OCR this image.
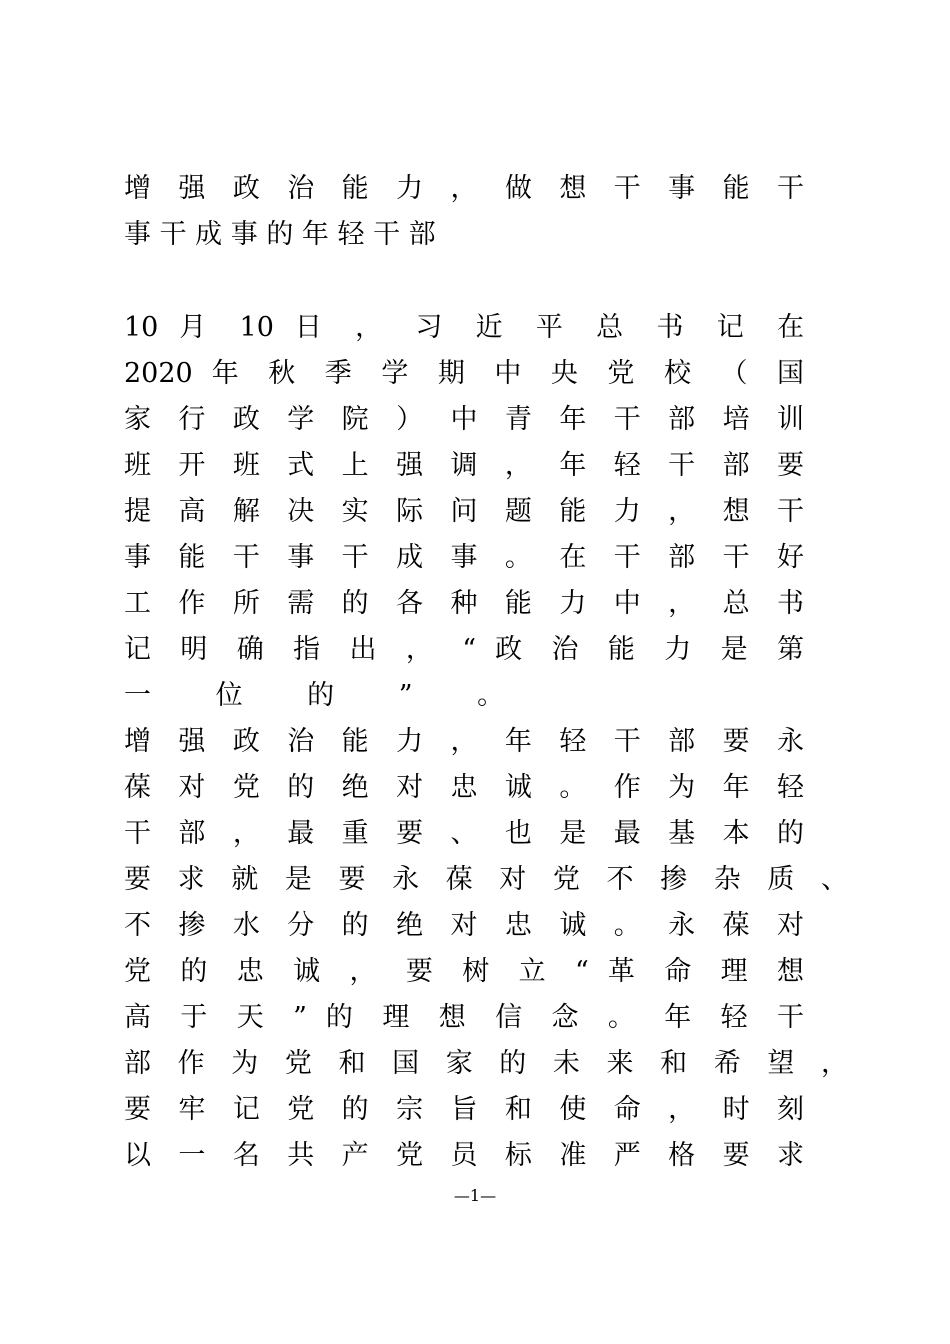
增 强 政 治 能 力 ， 做 想 干 事 能 干
事 干 成 事 的 年 轻 干 部
10 月 10 日 ， 习 近 平 总 书 记 在
2020 年 秋 季 学 期 中 央 党 校 （ 国
家 行 政 学 院 ） 中 青 年 干 部 培 训
班 开 班 式 上 强 调 ， 年 轻 干 部 要
提 高 解 决 实 际 问 题 能 力 ， 想 干
事 能 干 事 干 成 事 。 在 干 部 干 好
工 作 所 需 的 各 种 能 力 中 ， 总 书
记 明 确 指 出 ， “ 政 治 能 力 是 第
一 位 的 ” 。
增 强 政 治 能 力 ， 年 轻 干 部 要 永
葆 对 党 的 绝 对 忠 诚 。 作 为 年 轻
干 部 ， 最 重 要 、 也 是 最 基 本 的
要 求 就 是 要 永 葆 对 党 不 掺 杂 质 、
不 掺 水 分 的 绝 对 忠 诚 。 永 葆 对
党 的 忠 诚 ， 要 树 立 “ 革 命 理 想
高 于 天 ” 的 理 想 信 念 。 年 轻 干
部 作 为 党 和 国 家 的 未 来 和 希 望 ，
要 牢 记 党 的 宗 旨 和 使 命 ， 时 刻
以 一 名 共 产 党 员 标 准 严 格 要 求
—1—
